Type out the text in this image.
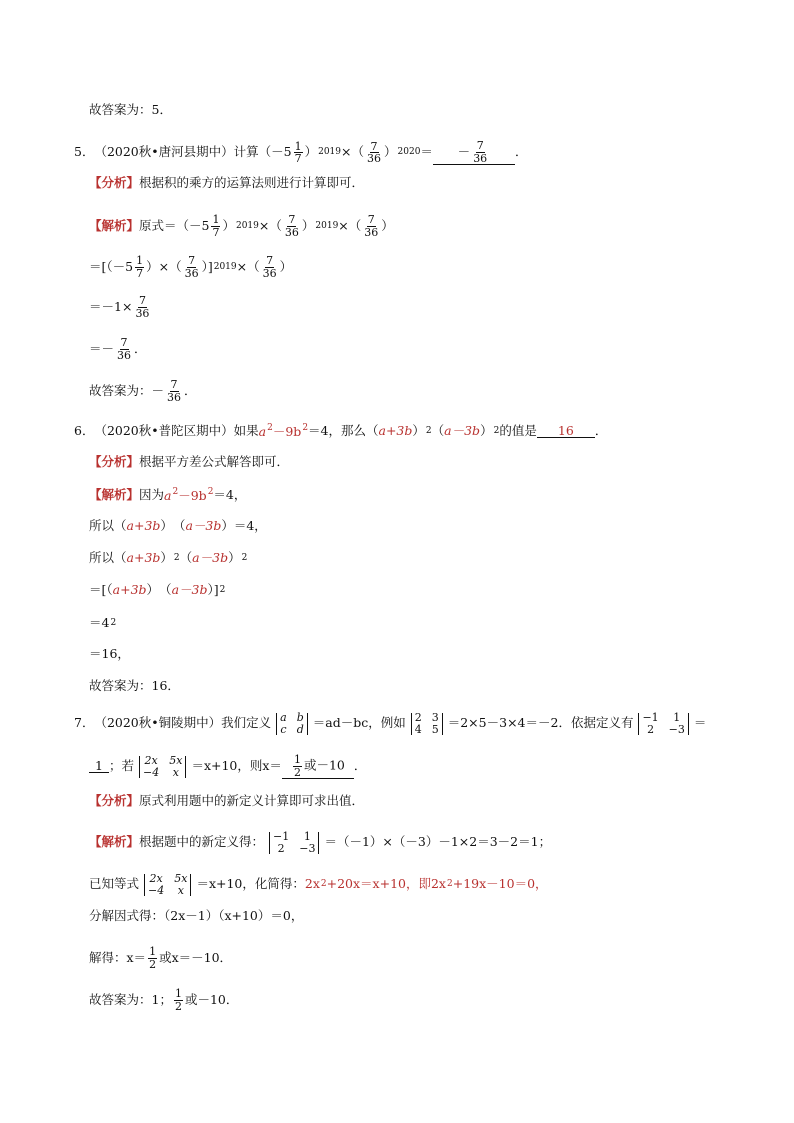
故答案为：5．
5． （2020秋•唐河县期中） 计算（$-5 \frac{1}{7}$ ） 2019 ×（ $\frac{7}{36}$ ） 2020 ＝ － $\frac{7}{36}$ ．
【分析】 根据积的乘方的运算法则进行计算即可．
【解析】 原式$=(-5 \frac{1}{7}$ ） 2019 ×（ $\frac{7}{36}$ ） 2019 ×（ $\frac{7}{36}$ ）
$=[(-5 \frac{1}{7}$ ）×（ $\frac{7}{36}$ ）] 2019 ×（ $\frac{7}{36}$ ）
$=-1\times \frac{7}{36}$
＝－ $\frac{7}{36}$ ．
故答案为：－ $\frac{7}{36}$ ．
6． （2020秋•普陀区期中） 如果 $a^2-9b^2 =4$，那么（ a+3b ） 2 （ a－3b ） 2 的值是	16	．
【分析】 根据平方差公式解答即可．
【解析】 因为 $a^2-9b^2 =4$，
所以（ a+3b ） （ a－3b ）＝4，
所以（ a+3b ） 2 （ a－3b ） 2
＝[（ a+3b ） （ a－3b ）] 2
＝4 2
＝16，
故答案为：16．
7． （2020秋•铜陵期中） 我们定义 a b
c d ＝ad－bc，例如 2 3
4 5 ＝2×5－3×4＝－2．依据定义有 −1	1
2	−3 ＝
1 ；若 2x 5x
−4	x ＝x+10，则$x= \frac{1}{2}$ 或－10 ．
【分析】 原式利用题中的新定义计算即可求出值．
【解析】 根据题中的新定义得： −1	1
2	−3 ＝（－1）×（－3）－1×2＝3－2＝1；
已知等式 2x 5x
−4	x ＝x+10，化简得： 2x 2 +20x＝x+10，即 2x 2 +19x－10＝0，
分解因式得：（2x－1）（x+10）＝0，
解得：$x= \frac{1}{2}$ 或x＝－10．
故答案为：1； $\frac{1}{2}$ 或－10．
